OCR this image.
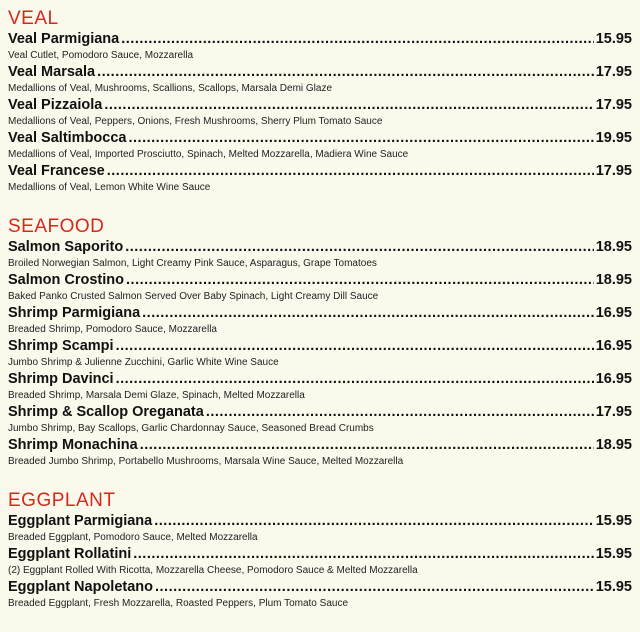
VEAL
Veal Parmigiana .....	15.95
Veal Cutlet, Pomodoro Sauce, Mozzarella
Veal Marsala .....	17.95
Medallions of Veal, Mushrooms, Scallions, Scallops, Marsala Demi Glaze
Veal Pizzaiola .....	17.95
Medallions of Veal, Peppers, Onions, Fresh Mushrooms, Sherry Plum Tomato Sauce
Veal Saltimbocca .....	19.95
Medallions of Veal, Imported Prosciutto, Spinach, Melted Mozzarella, Madiera Wine Sauce
Veal Francese .....	17.95
Medallions of Veal, Lemon White Wine Sauce
SEAFOOD
Salmon Saporito .....	18.95
Broiled Norwegian Salmon, Light Creamy Pink Sauce, Asparagus, Grape Tomatoes
Salmon Crostino .....	18.95
Baked Panko Crusted Salmon Served Over Baby Spinach, Light Creamy Dill Sauce
Shrimp Parmigiana .....	16.95
Breaded Shrimp, Pomodoro Sauce, Mozzarella
Shrimp Scampi .....	16.95
Jumbo Shrimp & Julienne Zucchini, Garlic White Wine Sauce
Shrimp Davinci .....	16.95
Breaded Shrimp, Marsala Demi Glaze, Spinach, Melted Mozzarella
Shrimp & Scallop Oreganata .....	17.95
Jumbo Shrimp, Bay Scallops, Garlic Chardonnay Sauce, Seasoned Bread Crumbs
Shrimp Monachina .....	18.95
Breaded Jumbo Shrimp, Portabello Mushrooms, Marsala Wine Sauce, Melted Mozzarella
EGGPLANT
Eggplant Parmigiana .....	15.95
Breaded Eggplant, Pomodoro Sauce, Melted Mozzarella
Eggplant Rollatini .....	15.95
(2) Eggplant Rolled With Ricotta, Mozzarella Cheese, Pomodoro Sauce & Melted Mozzarella
Eggplant Napoletano .....	15.95
Breaded Eggplant, Fresh Mozzarella, Roasted Peppers, Plum Tomato Sauce
